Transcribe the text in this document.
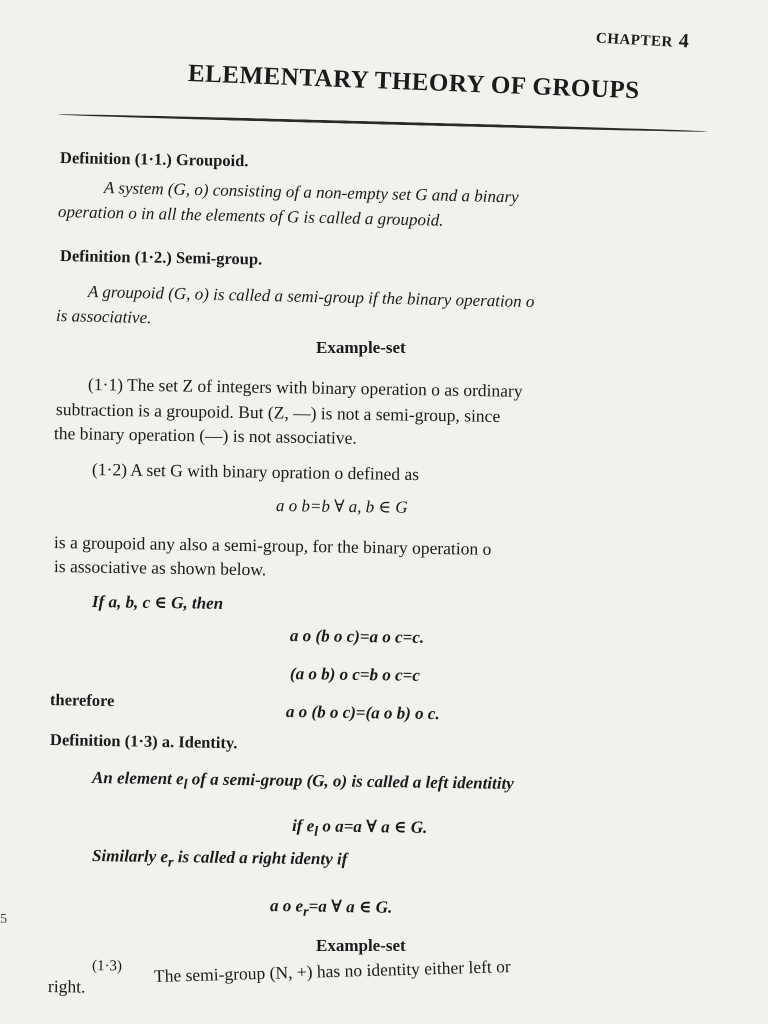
CHAPTER 4
ELEMENTARY THEORY OF GROUPS
Definition (1·1.) Groupoid.
A system (G, o) consisting of a non-empty set G and a binary
operation o in all the elements of G is called a groupoid.
Definition (1·2.) Semi-group.
A groupoid (G, o) is called a semi-group if the binary operation o
is associative.
Example-set
(1·1) The set Z of integers with binary operation o as ordinary
subtraction is a groupoid. But (Z, —) is not a semi-group, since
the binary operation (—) is not associative.
(1·2) A set G with binary opration o defined as
a o b=b ∀ a, b ∈ G
is a groupoid any also a semi-group, for the binary operation o
is associative as shown below.
If a, b, c ∈ G, then
a o (b o c)=a o c=c.
(a o b) o c=b o c=c
therefore
a o (b o c)=(a o b) o c.
Definition (1·3) a. Identity.
An element $e_l$ of a semi-group (G, o) is called a left identitity
if $e_l$ o a=a ∀ a ∈ G.
Similarly $e_r$ is called a right identy if
a o $e_r=a$ ∀ a ∈ G.
Example-set
(1·3) The semi-group (N, +) has no identity either left or
right.
5
